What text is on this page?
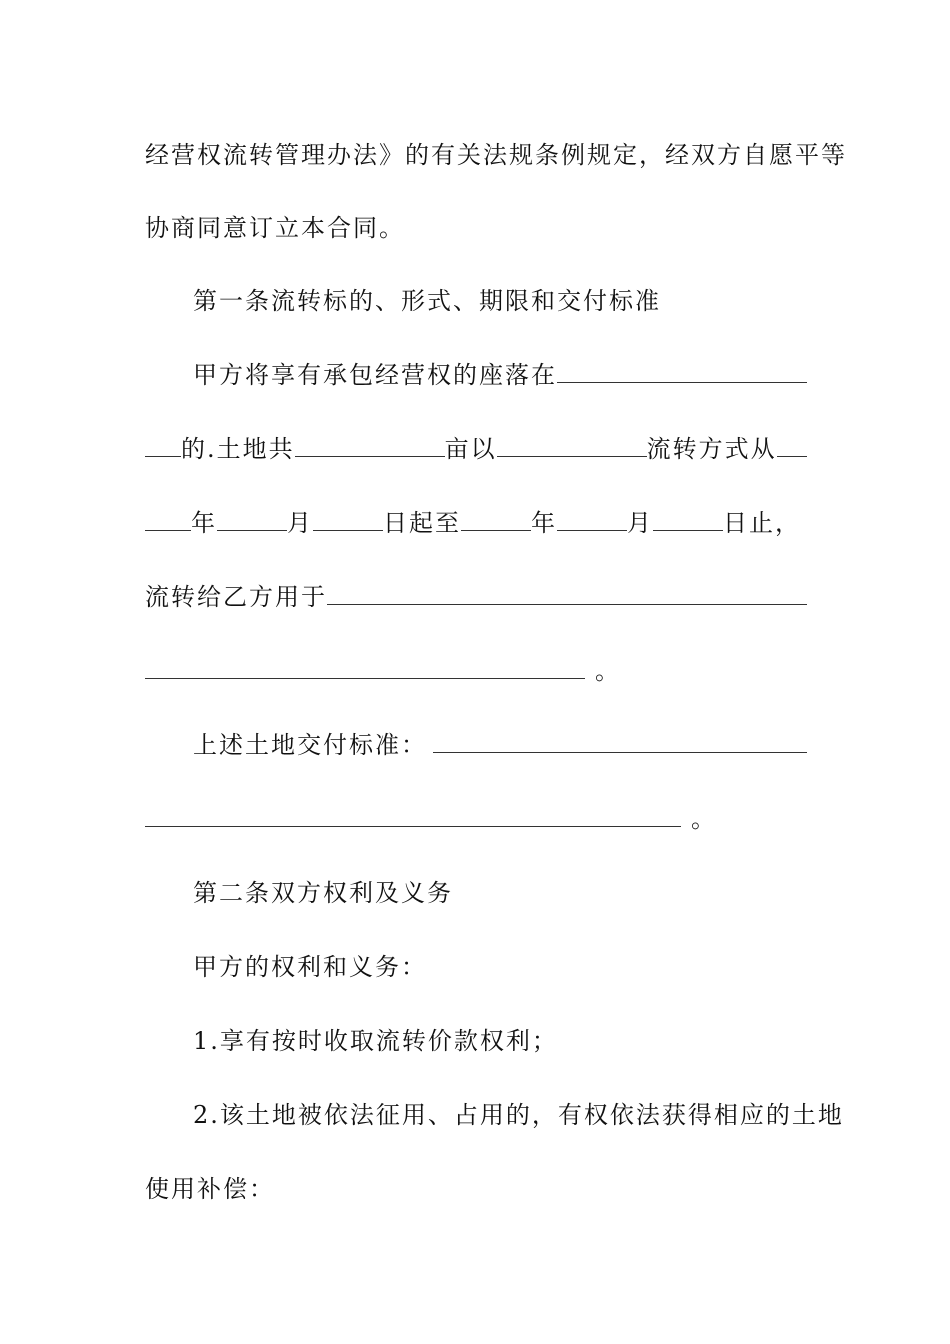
经营权流转管理办法》的有关法规条例规定，经双方自愿平等
协商同意订立本合同。
第一条流转标的、形式、期限和交付标准
甲方将享有承包经营权的座落在
的.土地共	亩以	流转方式从
年	月	日起至	年	月	日止，
流转给乙方用于
。
上述土地交付标准：
。
第二条双方权利及义务
甲方的权利和义务：
1.享有按时收取流转价款权利；
2.该土地被依法征用、占用的，有权依法获得相应的土地
使用补偿：
